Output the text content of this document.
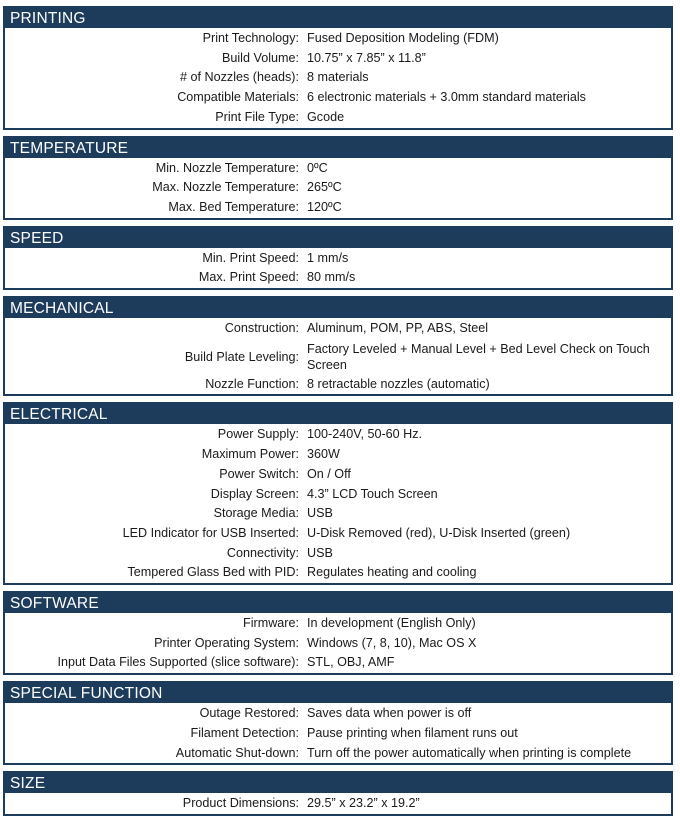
PRINTING
Print Technology: Fused Deposition Modeling (FDM)
Build Volume: 10.75” x 7.85” x 11.8”
# of Nozzles (heads): 8 materials
Compatible Materials: 6 electronic materials + 3.0mm standard materials
Print File Type: Gcode
TEMPERATURE
Min. Nozzle Temperature: 0ºC
Max. Nozzle Temperature: 265ºC
Max. Bed Temperature: 120ºC
SPEED
Min. Print Speed: 1 mm/s
Max. Print Speed: 80 mm/s
MECHANICAL
Construction: Aluminum, POM, PP, ABS, Steel
Build Plate Leveling:
Factory Leveled + Manual Level + Bed Level Check on Touch Screen
Nozzle Function: 8 retractable nozzles (automatic)
ELECTRICAL
Power Supply: 100-240V, 50-60 Hz.
Maximum Power: 360W
Power Switch: On / Off
Display Screen: 4.3” LCD Touch Screen
Storage Media: USB
LED Indicator for USB Inserted: U-Disk Removed (red), U-Disk Inserted (green)
Connectivity: USB
Tempered Glass Bed with PID: Regulates heating and cooling
SOFTWARE
Firmware: In development (English Only)
Printer Operating System: Windows (7, 8, 10), Mac OS X
Input Data Files Supported (slice software): STL, OBJ, AMF
SPECIAL FUNCTION
Outage Restored: Saves data when power is off
Filament Detection: Pause printing when filament runs out
Automatic Shut-down: Turn off the power automatically when printing is complete
SIZE
Product Dimensions: 29.5” x 23.2” x 19.2”
